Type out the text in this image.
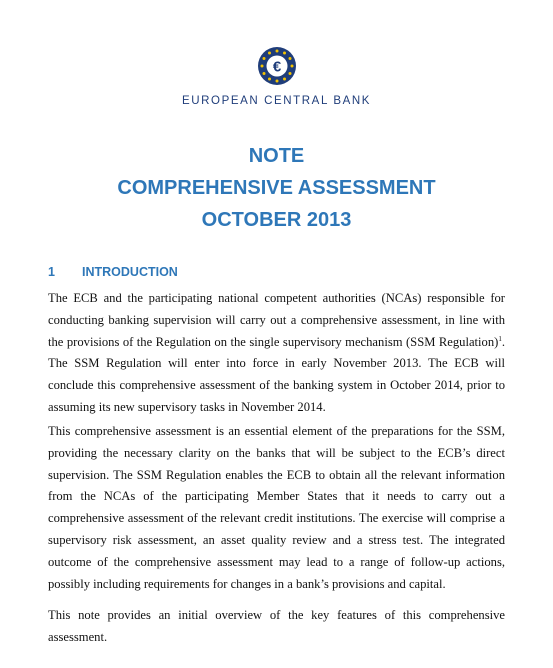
€
EUROPEAN CENTRAL BANK
NOTE
COMPREHENSIVE ASSESSMENT
OCTOBER 2013
1 INTRODUCTION

The ECB and the participating national competent authorities (NCAs) responsible for conducting banking supervision will carry out a comprehensive assessment, in line with the provisions of the Regulation on the single supervisory mechanism (SSM Regulation)$^1$. The SSM Regulation will enter into force in early November 2013. The ECB will conclude this comprehensive assessment of the banking system in October 2014, prior to assuming its new supervisory tasks in November 2014.

This comprehensive assessment is an essential element of the preparations for the SSM, providing the necessary clarity on the banks that will be subject to the ECB’s direct supervision. The SSM Regulation enables the ECB to obtain all the relevant information from the NCAs of the participating Member States that it needs to carry out a comprehensive assessment of the relevant credit institutions. The exercise will comprise a supervisory risk assessment, an asset quality review and a stress test. The integrated outcome of the comprehensive assessment may lead to a range of follow-up actions, possibly including requirements for changes in a bank’s provisions and capital.

This note provides an initial overview of the key features of this comprehensive assessment.
